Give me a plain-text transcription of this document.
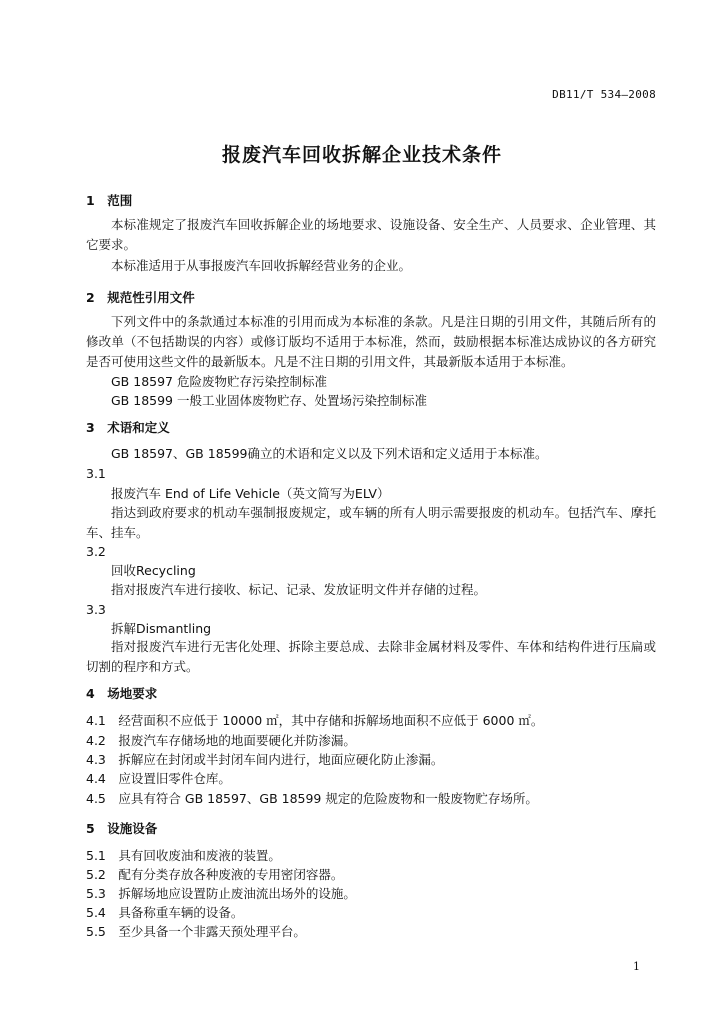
DB11/T 534—2008
报废汽车回收拆解企业技术条件
1　范围
本标准规定了报废汽车回收拆解企业的场地要求、设施设备、安全生产、人员要求、企业管理、其它要求。
本标准适用于从事报废汽车回收拆解经营业务的企业。
2　规范性引用文件
下列文件中的条款通过本标准的引用而成为本标准的条款。凡是注日期的引用文件，其随后所有的修改单（不包括勘误的内容）或修订版均不适用于本标准，然而，鼓励根据本标准达成协议的各方研究是否可使用这些文件的最新版本。凡是不注日期的引用文件，其最新版本适用于本标准。
GB 18597 危险废物贮存污染控制标准
GB 18599 一般工业固体废物贮存、处置场污染控制标准
3　术语和定义
GB 18597、GB 18599确立的术语和定义以及下列术语和定义适用于本标准。
3.1
报废汽车 End of Life Vehicle（英文简写为ELV）
指达到政府要求的机动车强制报废规定，或车辆的所有人明示需要报废的机动车。包括汽车、摩托车、挂车。
3.2
回收Recycling
指对报废汽车进行接收、标记、记录、发放证明文件并存储的过程。
3.3
拆解Dismantling
指对报废汽车进行无害化处理、拆除主要总成、去除非金属材料及零件、车体和结构件进行压扁或切割的程序和方式。
4　场地要求
4.1　 经营面积不应低于 10000 ㎡，其中存储和拆解场地面积不应低于 6000 ㎡。
4.2　 报废汽车存储场地的地面要硬化并防渗漏。
4.3　 拆解应在封闭或半封闭车间内进行，地面应硬化防止渗漏。
4.4　 应设置旧零件仓库。
4.5　 应具有符合 GB 18597、GB 18599 规定的危险废物和一般废物贮存场所。
5　设施设备
5.1　 具有回收废油和废液的装置。
5.2　 配有分类存放各种废液的专用密闭容器。
5.3　 拆解场地应设置防止废油流出场外的设施。
5.4　 具备称重车辆的设备。
5.5　 至少具备一个非露天预处理平台。
1
